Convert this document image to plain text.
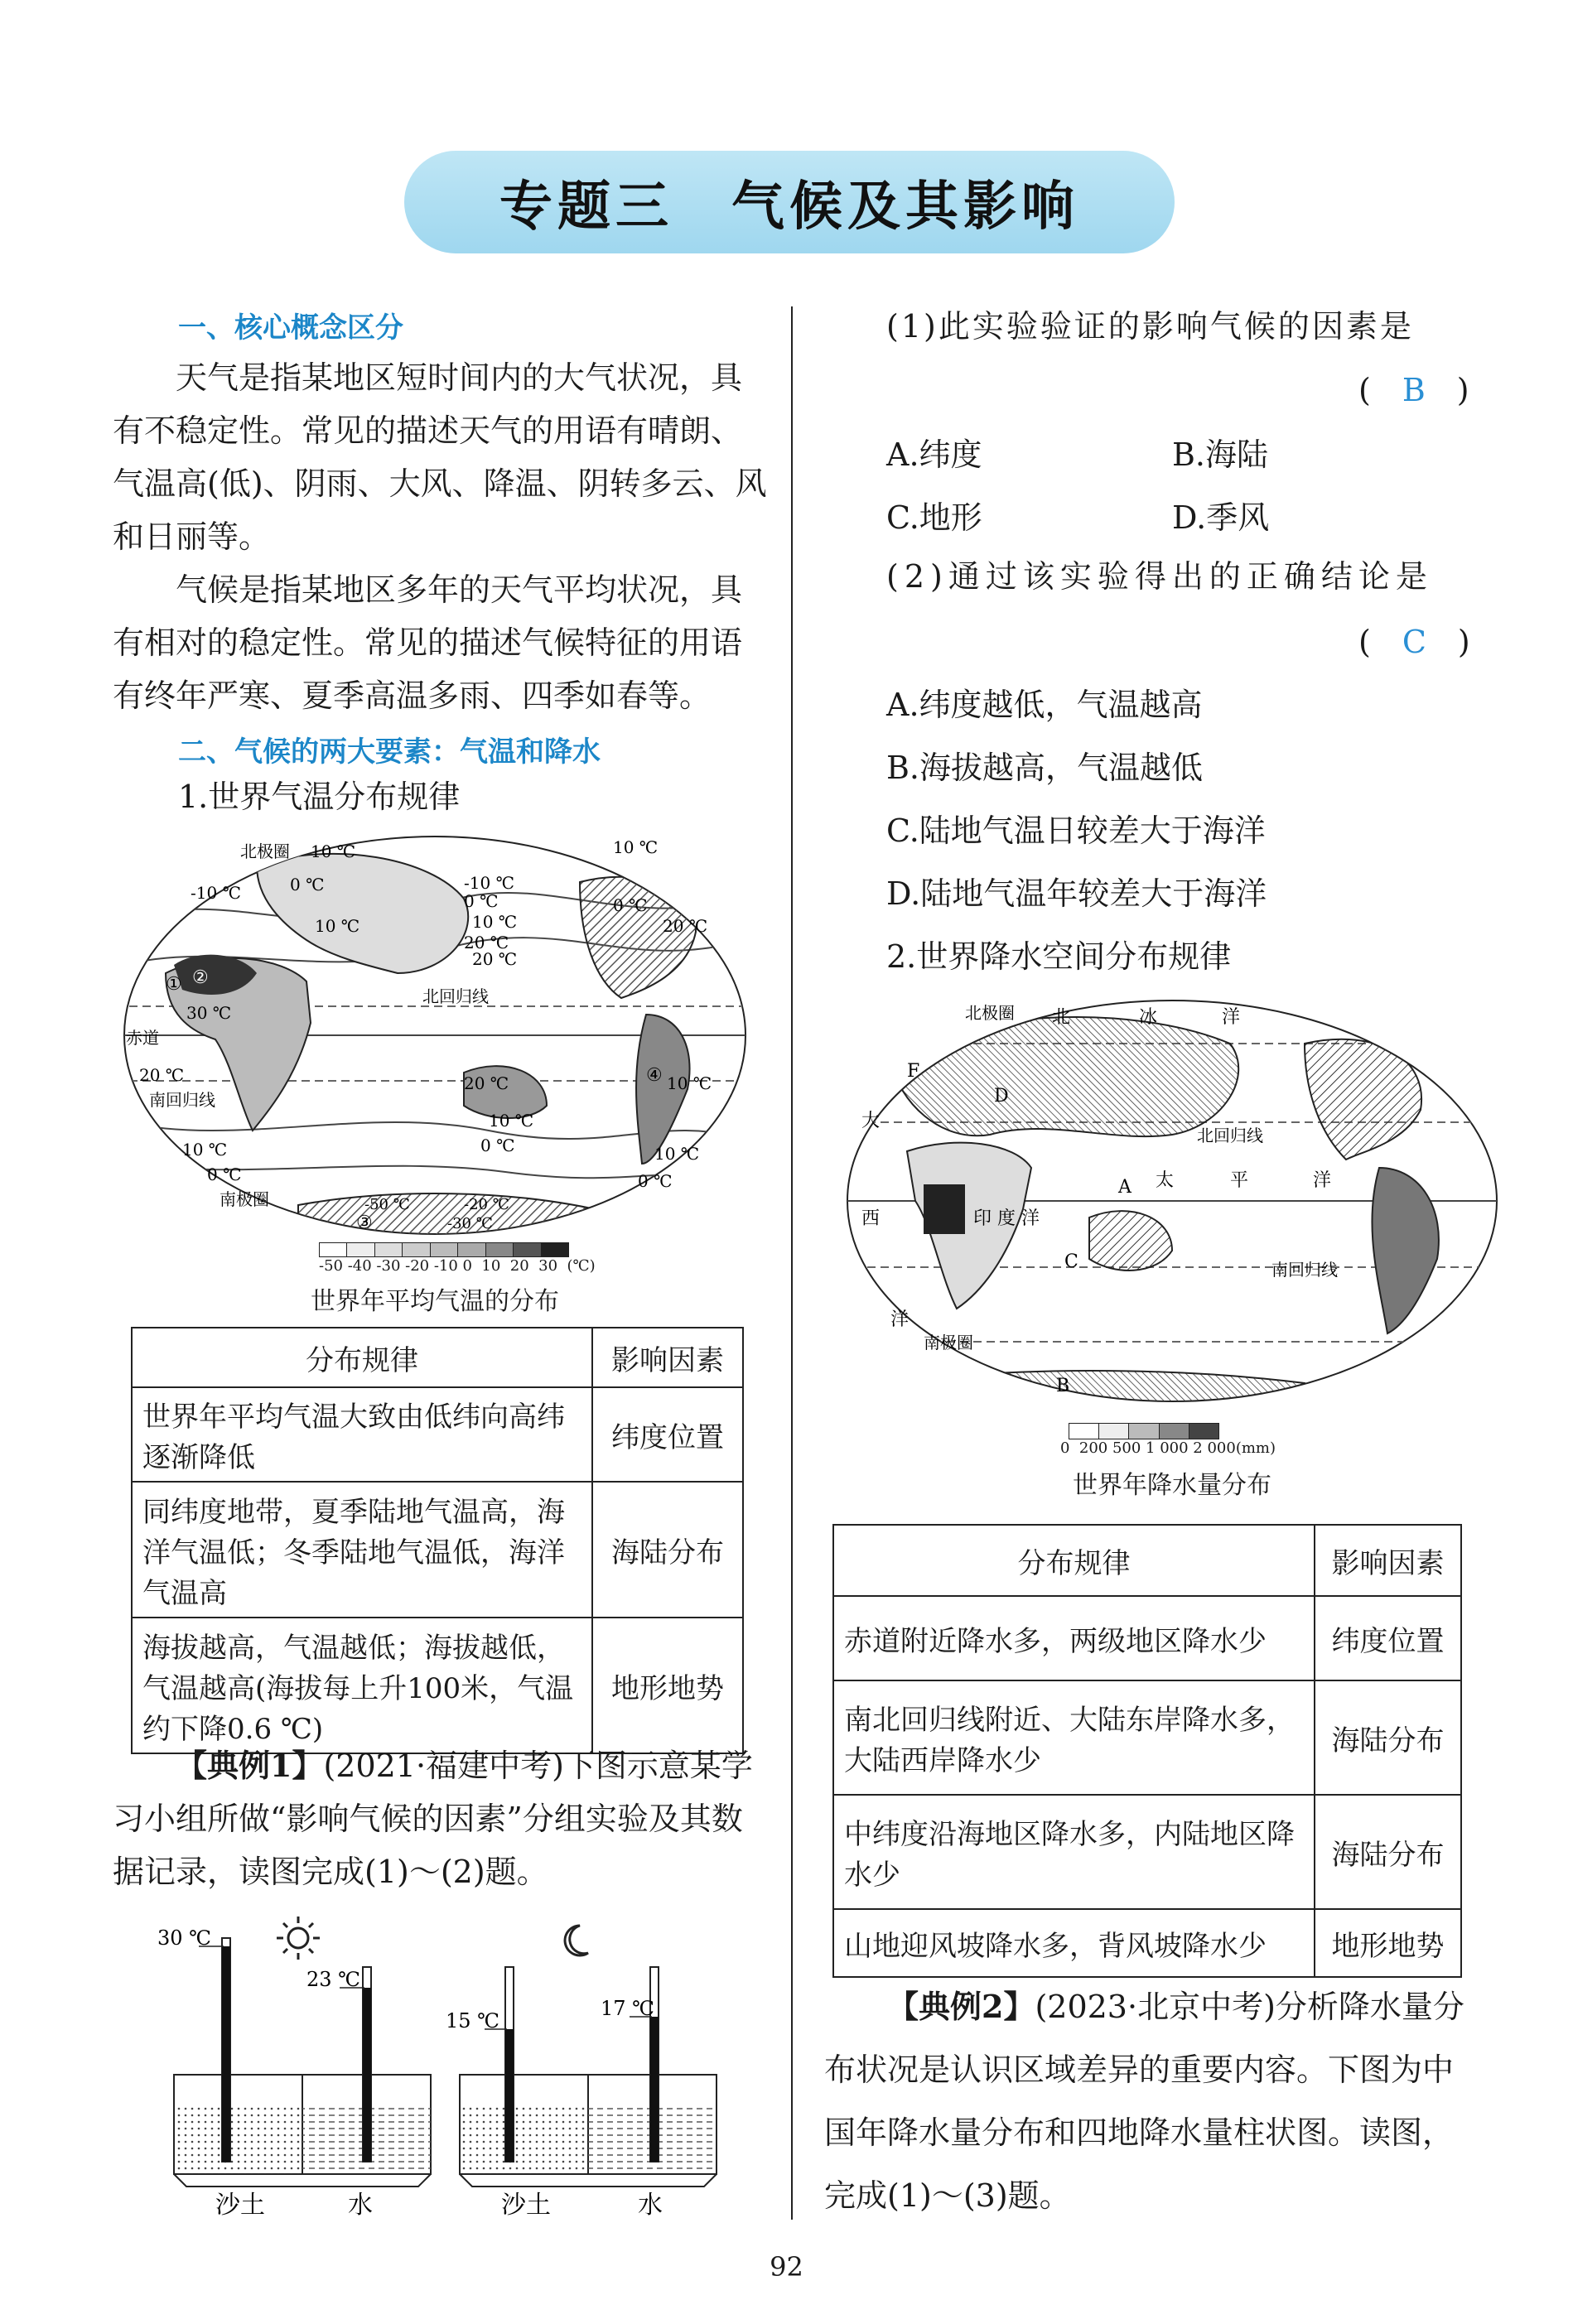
专题三　气候及其影响
一、核心概念区分
天气是指某地区短时间内的大气状况，具有不稳定性。常见的描述天气的用语有晴朗、气温高(低)、阴雨、大风、降温、阴转多云、风和日丽等。
气候是指某地区多年的天气平均状况，具有相对的稳定性。常见的描述气候特征的用语有终年严寒、夏季高温多雨、四季如春等。
二、气候的两大要素：气温和降水
1.世界气温分布规律
北极圈 10 ℃
0 ℃
-10 ℃	0 ℃
10 ℃
20 ℃
10 ℃
20 ℃
-10 ℃
0 ℃
10 ℃
20 ℃
北回归线
30 ℃
赤道
20 ℃
南回归线
20 ℃
10 ℃
0 ℃
10 ℃
10 ℃
0 ℃
南极圈	-50 ℃	-20 ℃
-30 ℃
10 ℃
0 ℃
① ②
③
④
-50 -40 -30 -20 -10 0  10  20  30  (℃)
世界年平均气温的分布
分布规律	影响因素
世界年平均气温大致由低纬向高纬逐渐降低	纬度位置
同纬度地带，夏季陆地气温高，海洋气温低；冬季陆地气温低，海洋气温高	海陆分布
海拔越高，气温越低；海拔越低，气温越高(海拔每上升100米，气温约下降0.6 ℃)	地形地势
【典例1】(2021·福建中考)下图示意某学习小组所做“影响气候的因素”分组实验及其数据记录，读图完成(1)～(2)题。
30 ℃
23 ℃
沙土	水
15 ℃
17 ℃
沙土	水
(1)此实验验证的影响气候的因素是
(　B　)
A.纬度	B.海陆
C.地形	D.季风
(2)通过该实验得出的正确结论是
(　C　)
A.纬度越低，气温越高
B.海拔越高，气温越低
C.陆地气温日较差大于海洋
D.陆地气温年较差大于海洋
2.世界降水空间分布规律
北极圈 北	冰	洋
F
大
D
北回归线
A 太	平	洋
西	印 度 洋
C	南回归线
洋
南极圈
B
0  200 500 1 000 2 000(mm)
世界年降水量分布
分布规律	影响因素
赤道附近降水多，两级地区降水少	纬度位置
南北回归线附近、大陆东岸降水多，大陆西岸降水少	海陆分布
中纬度沿海地区降水多，内陆地区降水少	海陆分布
山地迎风坡降水多，背风坡降水少	地形地势
【典例2】(2023·北京中考)分析降水量分布状况是认识区域差异的重要内容。下图为中国年降水量分布和四地降水量柱状图。读图，完成(1)～(3)题。
92
